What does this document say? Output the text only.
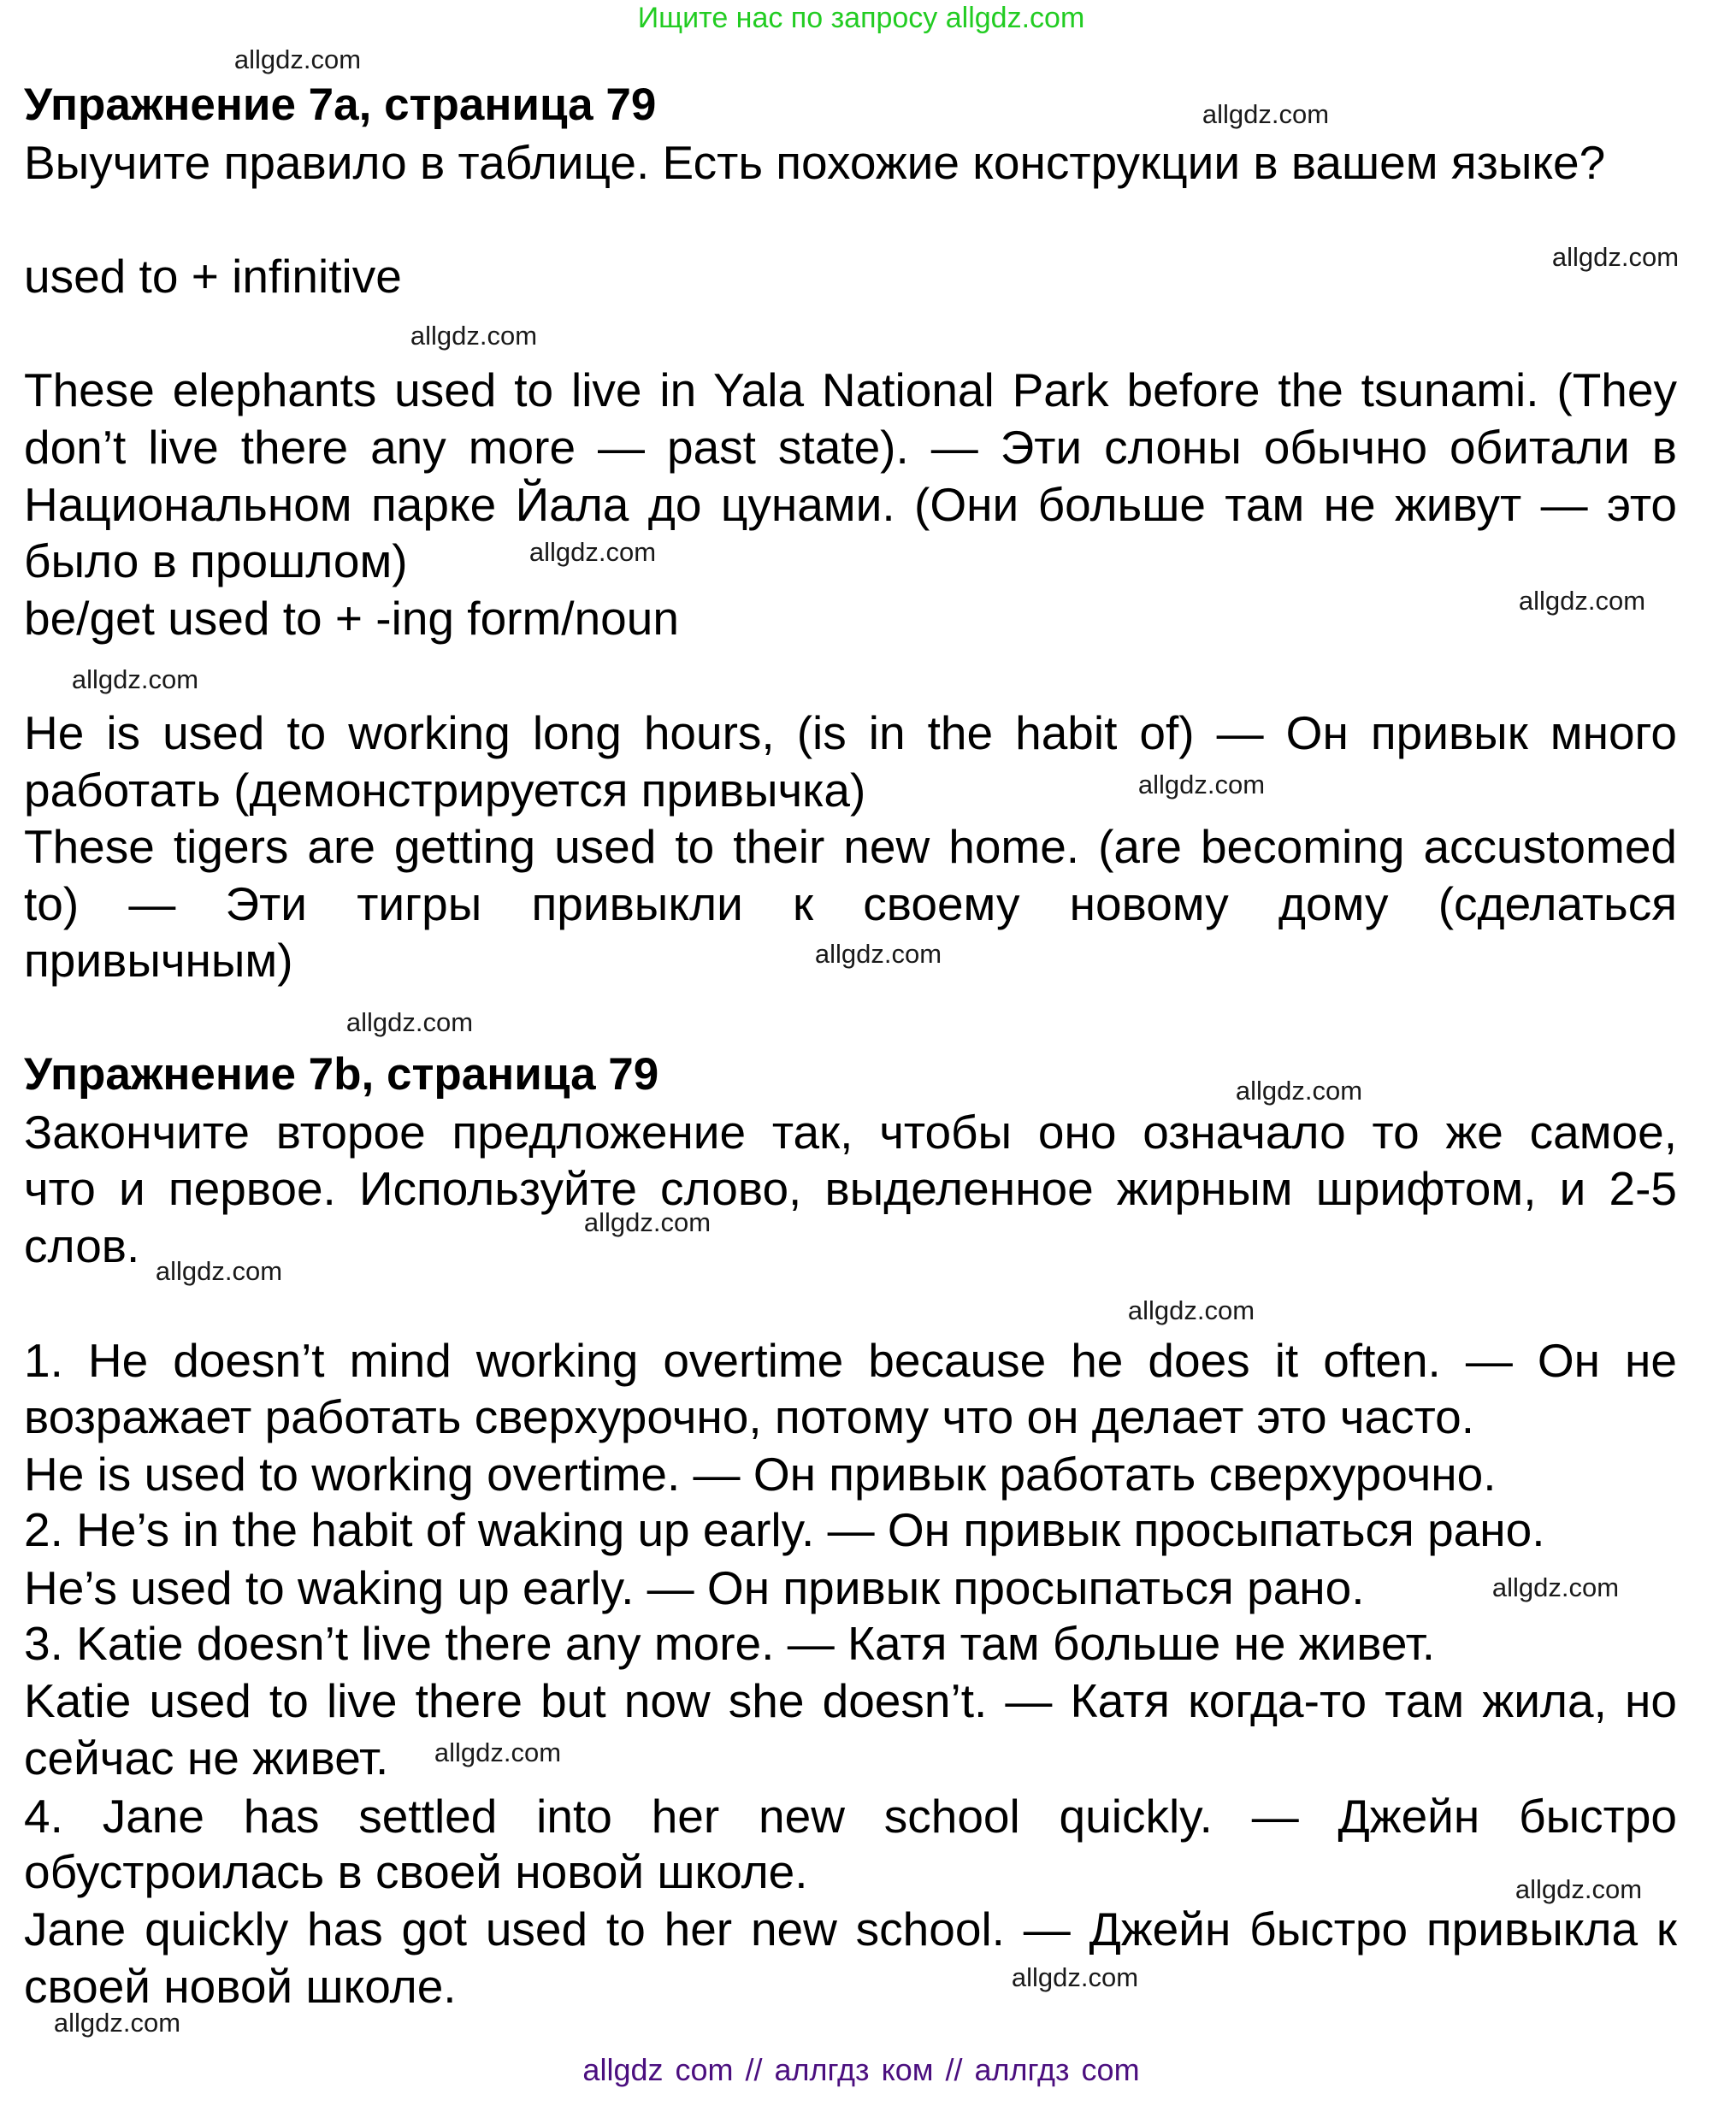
Ищите нас по запросу allgdz.com
Упражнение 7a, страница 79
Выучите правило в таблице. Есть похожие конструкции в вашем языке?
used to + infinitive
These elephants used to live in Yala National Park before the tsunami. (They
don’t live there any more — past state). — Эти слоны обычно обитали в
Национальном парке Йала до цунами. (Они больше там не живут — это
было в прошлом)
be/get used to + -ing form/noun
He is used to working long hours, (is in the habit of) — Он привык много
работать (демонстрируется привычка)
These tigers are getting used to their new home. (are becoming accustomed
to) — Эти тигры привыкли к своему новому дому (сделаться
привычным)
Упражнение 7b, страница 79
Закончите второе предложение так, чтобы оно означало то же самое,
что и первое. Используйте слово, выделенное жирным шрифтом, и 2-5
слов.
1. He doesn’t mind working overtime because he does it often. — Он не
возражает работать сверхурочно, потому что он делает это часто.
He is used to working overtime. — Он привык работать сверхурочно.
2. He’s in the habit of waking up early. — Он привык просыпаться рано.
He’s used to waking up early. — Он привык просыпаться рано.
3. Katie doesn’t live there any more. — Катя там больше не живет.
Katie used to live there but now she doesn’t. — Катя когда-то там жила, но
сейчас не живет.
4. Jane has settled into her new school quickly. — Джейн быстро
обустроилась в своей новой школе.
Jane quickly has got used to her new school. — Джейн быстро привыкла к
своей новой школе.
allgdz.com
allgdz.com
allgdz.com
allgdz.com
allgdz.com
allgdz.com
allgdz.com
allgdz.com
allgdz.com
allgdz.com
allgdz.com
allgdz.com
allgdz.com
allgdz.com
allgdz.com
allgdz.com
allgdz.com
allgdz.com
allgdz.com
allgdz com // аллгдз ком // аллгдз com
